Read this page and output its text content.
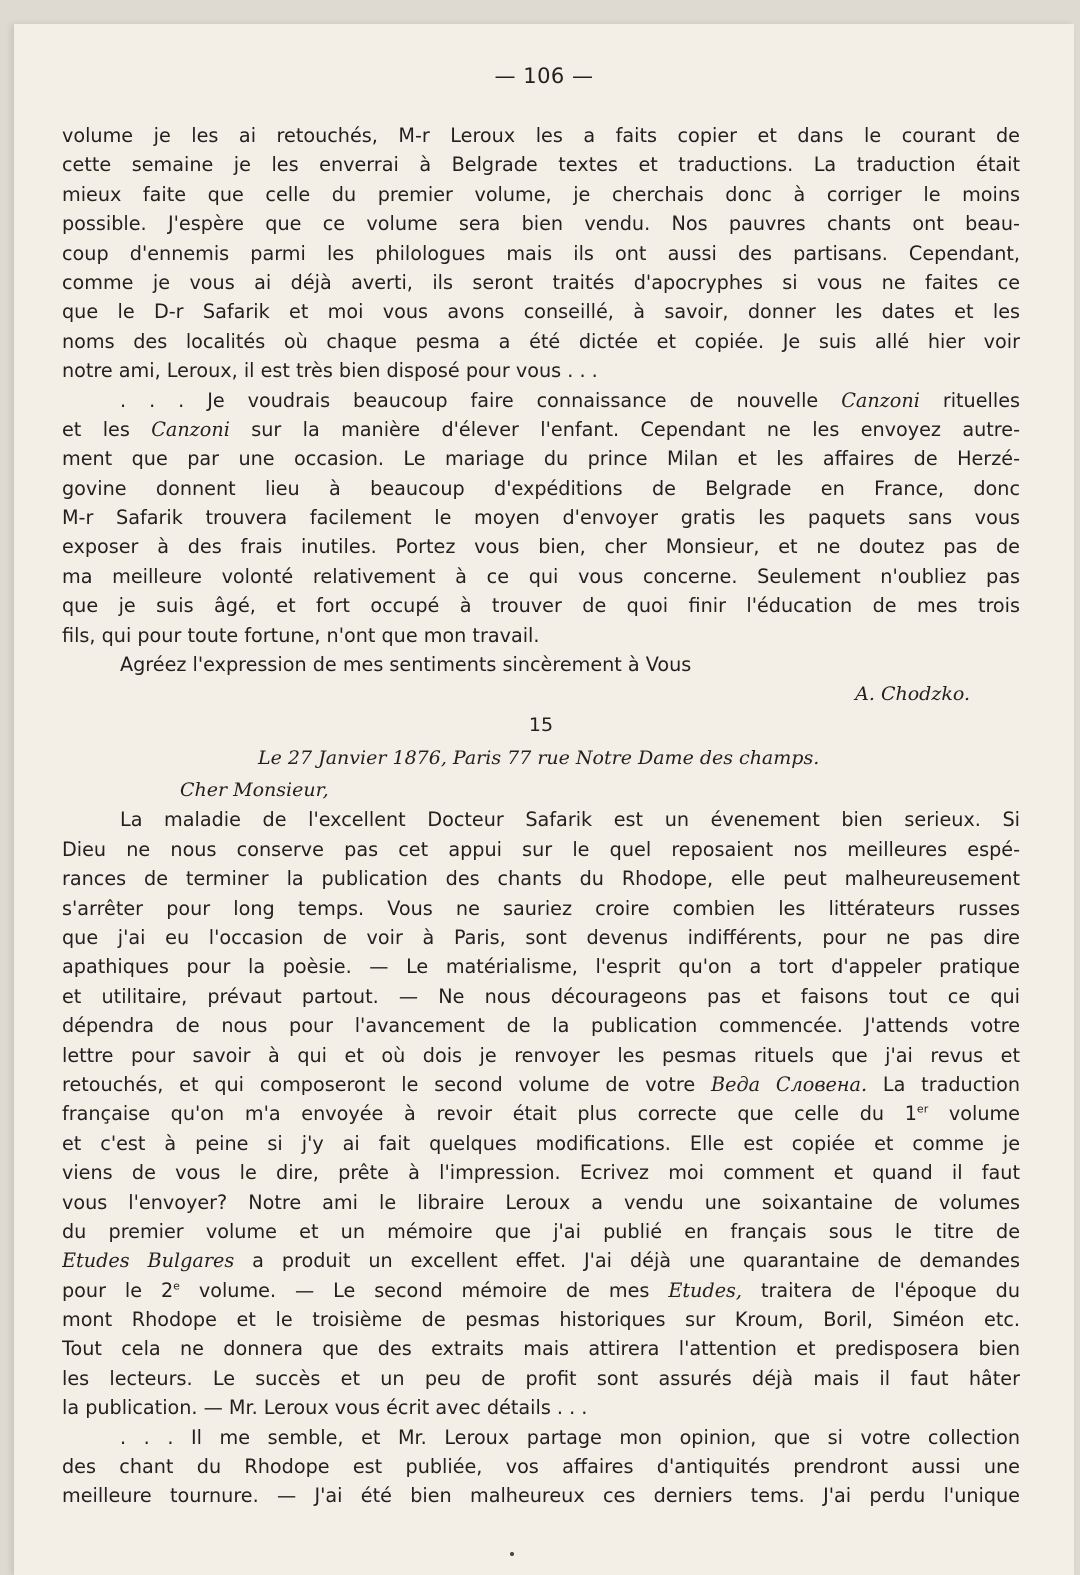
— 106 —
volume je les ai retouchés, M-r Leroux les a faits copier et dans le courant de
cette semaine je les enverrai à Belgrade textes et traductions. La traduction était
mieux faite que celle du premier volume, je cherchais donc à corriger le moins
possible. J'espère que ce volume sera bien vendu. Nos pauvres chants ont beau-
coup d'ennemis parmi les philologues mais ils ont aussi des partisans. Cependant,
comme je vous ai déjà averti, ils seront traités d'apocryphes si vous ne faites ce
que le D-r Safarik et moi vous avons conseillé, à savoir, donner les dates et les
noms des localités où chaque pesma a été dictée et copiée. Je suis allé hier voir
notre ami, Leroux, il est très bien disposé pour vous . . .
. . . Je voudrais beaucoup faire connaissance de nouvelle Canzoni rituelles
et les Canzoni sur la manière d'élever l'enfant. Cependant ne les envoyez autre-
ment que par une occasion. Le mariage du prince Milan et les affaires de Herzé-
govine donnent lieu à beaucoup d'expéditions de Belgrade en France, donc
M-r Safarik trouvera facilement le moyen d'envoyer gratis les paquets sans vous
exposer à des frais inutiles. Portez vous bien, cher Monsieur, et ne doutez pas de
ma meilleure volonté relativement à ce qui vous concerne. Seulement n'oubliez pas
que je suis âgé, et fort occupé à trouver de quoi finir l'éducation de mes trois
fils, qui pour toute fortune, n'ont que mon travail.
Agréez l'expression de mes sentiments sincèrement à Vous
A. Chodzko.
15
Le 27 Janvier 1876, Paris 77 rue Notre Dame des champs.
Cher Monsieur,
La maladie de l'excellent Docteur Safarik est un évenement bien serieux. Si
Dieu ne nous conserve pas cet appui sur le quel reposaient nos meilleures espé-
rances de terminer la publication des chants du Rhodope, elle peut malheureusement
s'arrêter pour long temps. Vous ne sauriez croire combien les littérateurs russes
que j'ai eu l'occasion de voir à Paris, sont devenus indifférents, pour ne pas dire
apathiques pour la poèsie. — Le matérialisme, l'esprit qu'on a tort d'appeler pratique
et utilitaire, prévaut partout. — Ne nous décourageons pas et faisons tout ce qui
dépendra de nous pour l'avancement de la publication commencée. J'attends votre
lettre pour savoir à qui et où dois je renvoyer les pesmas rituels que j'ai revus et
retouchés, et qui composeront le second volume de votre Веда Словена. La traduction
française qu'on m'a envoyée à revoir était plus correcte que celle du 1er volume
et c'est à peine si j'y ai fait quelques modifications. Elle est copiée et comme je
viens de vous le dire, prête à l'impression. Ecrivez moi comment et quand il faut
vous l'envoyer? Notre ami le libraire Leroux a vendu une soixantaine de volumes
du premier volume et un mémoire que j'ai publié en français sous le titre de
Etudes Bulgares a produit un excellent effet. J'ai déjà une quarantaine de demandes
pour le 2e volume. — Le second mémoire de mes Etudes, traitera de l'époque du
mont Rhodope et le troisième de pesmas historiques sur Kroum, Boril, Siméon etc.
Tout cela ne donnera que des extraits mais attirera l'attention et predisposera bien
les lecteurs. Le succès et un peu de profit sont assurés déjà mais il faut hâter
la publication. — Mr. Leroux vous écrit avec détails . . .
. . . Il me semble, et Mr. Leroux partage mon opinion, que si votre collection
des chant du Rhodope est publiée, vos affaires d'antiquités prendront aussi une
meilleure tournure. — J'ai été bien malheureux ces derniers tems. J'ai perdu l'unique
